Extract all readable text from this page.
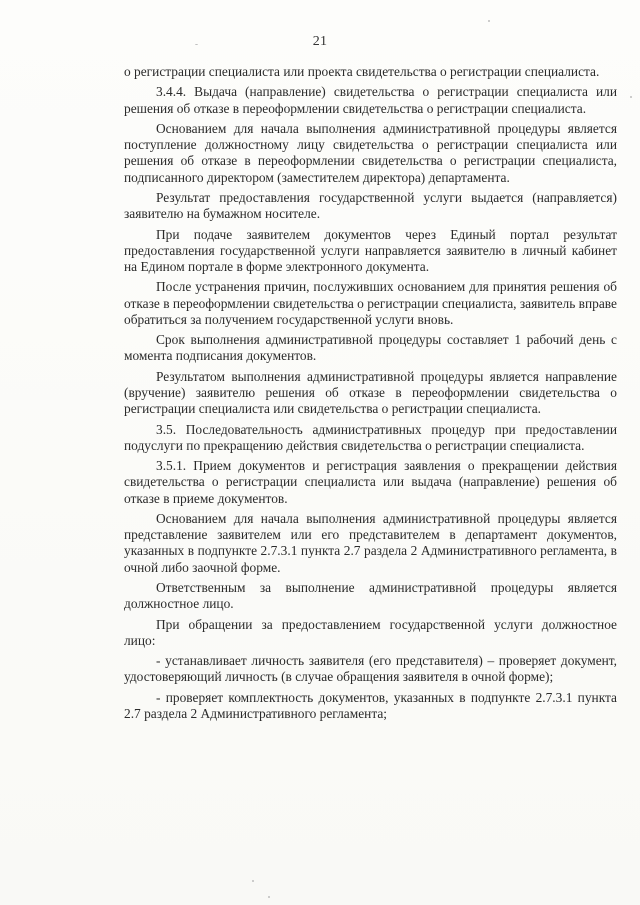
21

о регистрации специалиста или проекта свидетельства о регистрации специалиста.

3.4.4. Выдача (направление) свидетельства о регистрации специалиста или решения об отказе в переоформлении свидетельства о регистрации специалиста.

Основанием для начала выполнения административной процедуры является поступление должностному лицу свидетельства о регистрации специалиста или решения об отказе в переоформлении свидетельства о регистрации специалиста, подписанного директором (заместителем директора) департамента.

Результат предоставления государственной услуги выдается (направляется) заявителю на бумажном носителе.

При подаче заявителем документов через Единый портал результат предоставления государственной услуги направляется заявителю в личный кабинет на Едином портале в форме электронного документа.

После устранения причин, послуживших основанием для принятия решения об отказе в переоформлении свидетельства о регистрации специалиста, заявитель вправе обратиться за получением государственной услуги вновь.

Срок выполнения административной процедуры составляет 1 рабочий день с момента подписания документов.

Результатом выполнения административной процедуры является направление (вручение) заявителю решения об отказе в переоформлении свидетельства о регистрации специалиста или свидетельства о регистрации специалиста.

3.5. Последовательность административных процедур при предоставлении подуслуги по прекращению действия свидетельства о регистрации специалиста.

3.5.1. Прием документов и регистрация заявления о прекращении действия свидетельства о регистрации специалиста или выдача (направление) решения об отказе в приеме документов.

Основанием для начала выполнения административной процедуры является представление заявителем или его представителем в департамент документов, указанных в подпункте 2.7.3.1 пункта 2.7 раздела 2 Административного регламента, в очной либо заочной форме.

Ответственным за выполнение административной процедуры является должностное лицо.

При обращении за предоставлением государственной услуги должностное лицо:

- устанавливает личность заявителя (его представителя) – проверяет документ, удостоверяющий личность (в случае обращения заявителя в очной форме);

- проверяет комплектность документов, указанных в подпункте 2.7.3.1 пункта 2.7 раздела 2 Административного регламента;
